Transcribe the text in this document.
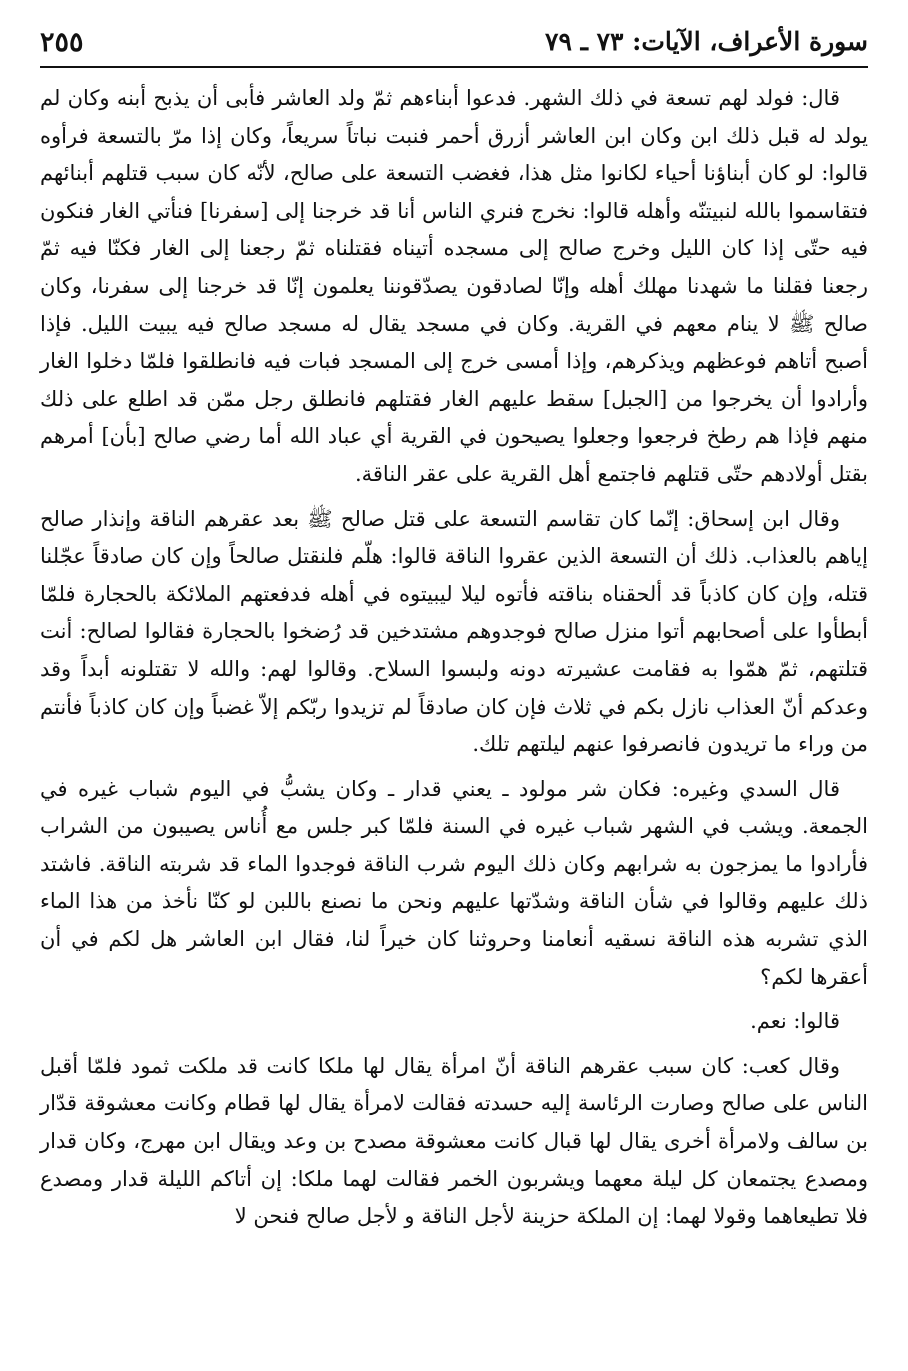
سورة الأعراف، الآيات: ٧٣ ـ ٧٩
٢٥٥

قال: فولد لهم تسعة في ذلك الشهر. فدعوا أبناءهم ثمّ ولد العاشر فأبى أن يذبح أبنه وكان لم يولد له قبل ذلك ابن وكان ابن العاشر أزرق أحمر فنبت نباتاً سريعاً، وكان إذا مرّ بالتسعة فرأوه قالوا: لو كان أبناؤنا أحياء لكانوا مثل هذا، فغضب التسعة على صالح، لأنّه كان سبب قتلهم أبنائهم فتقاسموا بالله لنبيتنّه وأهله قالوا: نخرج فنري الناس أنا قد خرجنا إلى [سفرنا] فنأتي الغار فنكون فيه حتّى إذا كان الليل وخرج صالح إلى مسجده أتيناه فقتلناه ثمّ رجعنا إلى الغار فكنّا فيه ثمّ رجعنا فقلنا ما شهدنا مهلك أهله وإنّا لصادقون يصدّقوننا يعلمون إنّا قد خرجنا إلى سفرنا، وكان صالح ﷺ لا ينام معهم في القرية. وكان في مسجد يقال له مسجد صالح فيه يبيت الليل. فإذا أصبح أتاهم فوعظهم ويذكرهم، وإذا أمسى خرج إلى المسجد فبات فيه فانطلقوا فلمّا دخلوا الغار وأرادوا أن يخرجوا من [الجبل] سقط عليهم الغار فقتلهم فانطلق رجل ممّن قد اطلع على ذلك منهم فإذا هم رطخ فرجعوا وجعلوا يصيحون في القرية أي عباد الله أما رضي صالح [بأن] أمرهم بقتل أولادهم حتّى قتلهم فاجتمع أهل القرية على عقر الناقة.

وقال ابن إسحاق: إنّما كان تقاسم التسعة على قتل صالح ﷺ بعد عقرهم الناقة وإنذار صالح إياهم بالعذاب. ذلك أن التسعة الذين عقروا الناقة قالوا: هلّم فلنقتل صالحاً وإن كان صادقاً عجّلنا قتله، وإن كان كاذباً قد ألحقناه بناقته فأتوه ليلا ليبيتوه في أهله فدفعتهم الملائكة بالحجارة فلمّا أبطأوا على أصحابهم أتوا منزل صالح فوجدوهم مشتدخين قد رُضخوا بالحجارة فقالوا لصالح: أنت قتلتهم، ثمّ همّوا به فقامت عشيرته دونه ولبسوا السلاح. وقالوا لهم: والله لا تقتلونه أبداً وقد وعدكم أنّ العذاب نازل بكم في ثلاث فإن كان صادقاً لم تزيدوا ربّكم إلاّ غضباً وإن كان كاذباً فأنتم من وراء ما تريدون فانصرفوا عنهم ليلتهم تلك.

قال السدي وغيره: فكان شر مولود ـ يعني قدار ـ وكان يشبُّ في اليوم شباب غيره في الجمعة. ويشب في الشهر شباب غيره في السنة فلمّا كبر جلس مع أُناس يصيبون من الشراب فأرادوا ما يمزجون به شرابهم وكان ذلك اليوم شرب الناقة فوجدوا الماء قد شربته الناقة. فاشتد ذلك عليهم وقالوا في شأن الناقة وشدّتها عليهم ونحن ما نصنع باللبن لو كنّا نأخذ من هذا الماء الذي تشربه هذه الناقة نسقيه أنعامنا وحروثنا كان خيراً لنا، فقال ابن العاشر هل لكم في أن أعقرها لكم؟

قالوا: نعم.

وقال كعب: كان سبب عقرهم الناقة أنّ امرأة يقال لها ملكا كانت قد ملكت ثمود فلمّا أقبل الناس على صالح وصارت الرئاسة إليه حسدته فقالت لامرأة يقال لها قطام وكانت معشوقة قدّار بن سالف ولامرأة أخرى يقال لها قبال كانت معشوقة مصدح بن وعد ويقال ابن مهرج، وكان قدار ومصدع يجتمعان كل ليلة معهما ويشربون الخمر فقالت لهما ملكا: إن أتاكم الليلة قدار ومصدع فلا تطيعاهما وقولا لهما: إن الملكة حزينة لأجل الناقة و لأجل صالح فنحن لا
